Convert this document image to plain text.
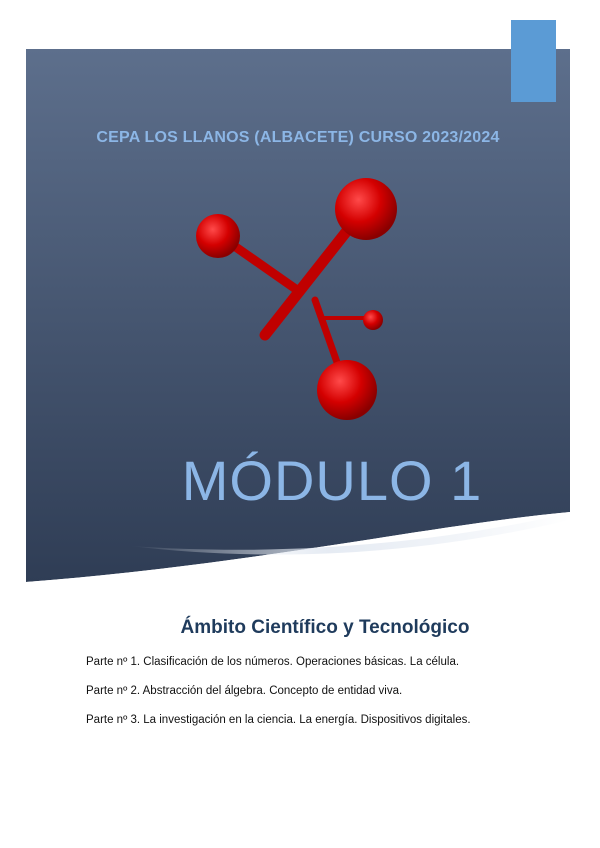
CEPA LOS LLANOS (ALBACETE) CURSO 2023/2024

MÓDULO 1
Ámbito Científico y Tecnológico
Parte nº 1. Clasificación de los números. Operaciones básicas. La célula.
Parte nº 2. Abstracción del álgebra. Concepto de entidad viva.
Parte nº 3. La investigación en la ciencia. La energía. Dispositivos digitales.
